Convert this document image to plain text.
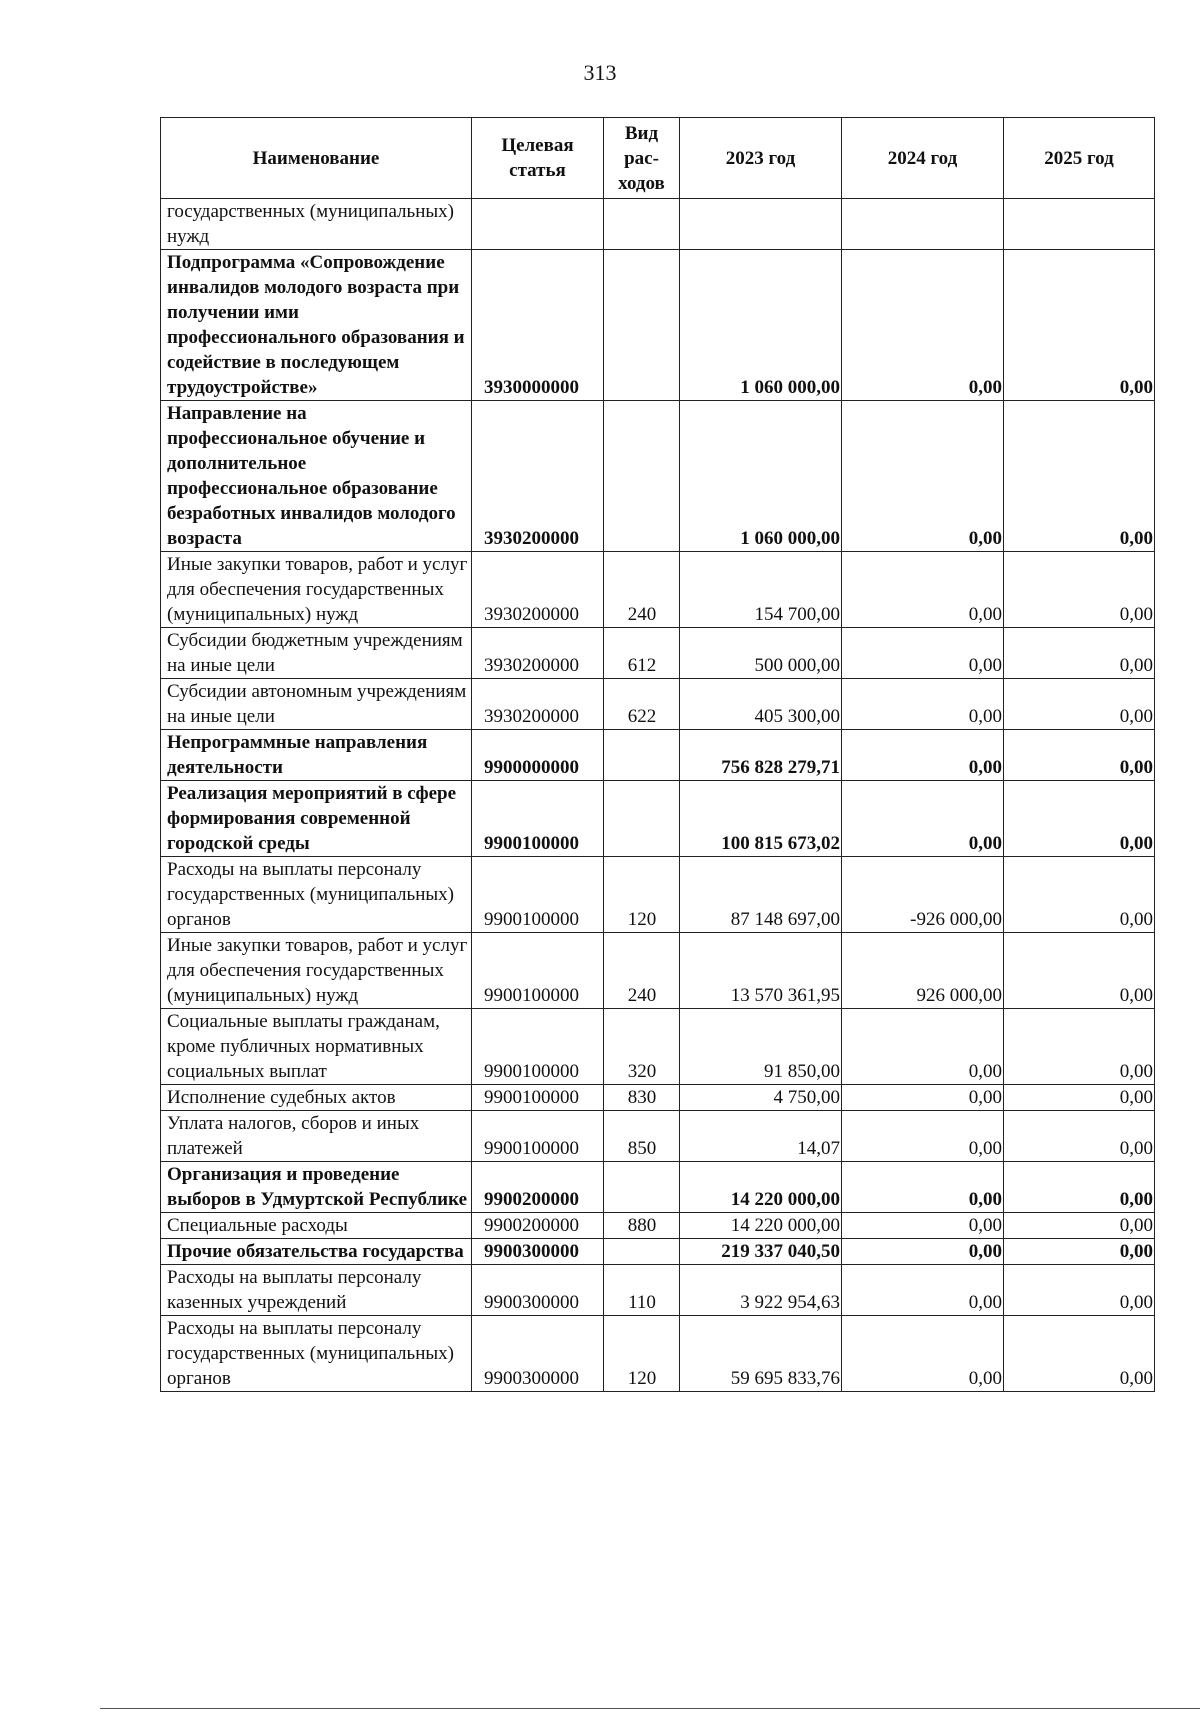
313
Наименование	Целевая статья	Вид рас-ходов	2023 год	2024 год	2025 год
государственных (муниципальных) нужд					
Подпрограмма «Сопровождение инвалидов молодого возраста при получении ими профессионального образования и содействие в последующем трудоустройстве»	3930000000		1 060 000,00	0,00	0,00
Направление на профессиональное обучение и дополнительное профессиональное образование безработных инвалидов молодого возраста	3930200000		1 060 000,00	0,00	0,00
Иные закупки товаров, работ и услуг для обеспечения государственных (муниципальных) нужд	3930200000	240	154 700,00	0,00	0,00
Субсидии бюджетным учреждениям на иные цели	3930200000	612	500 000,00	0,00	0,00
Субсидии автономным учреждениям на иные цели	3930200000	622	405 300,00	0,00	0,00
Непрограммные направления деятельности	9900000000		756 828 279,71	0,00	0,00
Реализация мероприятий в сфере формирования современной городской среды	9900100000		100 815 673,02	0,00	0,00
Расходы на выплаты персоналу государственных (муниципальных) органов	9900100000	120	87 148 697,00	-926 000,00	0,00
Иные закупки товаров, работ и услуг для обеспечения государственных (муниципальных) нужд	9900100000	240	13 570 361,95	926 000,00	0,00
Социальные выплаты гражданам, кроме публичных нормативных социальных выплат	9900100000	320	91 850,00	0,00	0,00
Исполнение судебных актов	9900100000	830	4 750,00	0,00	0,00
Уплата налогов, сборов и иных платежей	9900100000	850	14,07	0,00	0,00
Организация и проведение выборов в Удмуртской Республике	9900200000		14 220 000,00	0,00	0,00
Специальные расходы	9900200000	880	14 220 000,00	0,00	0,00
Прочие обязательства государства	9900300000		219 337 040,50	0,00	0,00
Расходы на выплаты персоналу казенных учреждений	9900300000	110	3 922 954,63	0,00	0,00
Расходы на выплаты персоналу государственных (муниципальных) органов	9900300000	120	59 695 833,76	0,00	0,00
